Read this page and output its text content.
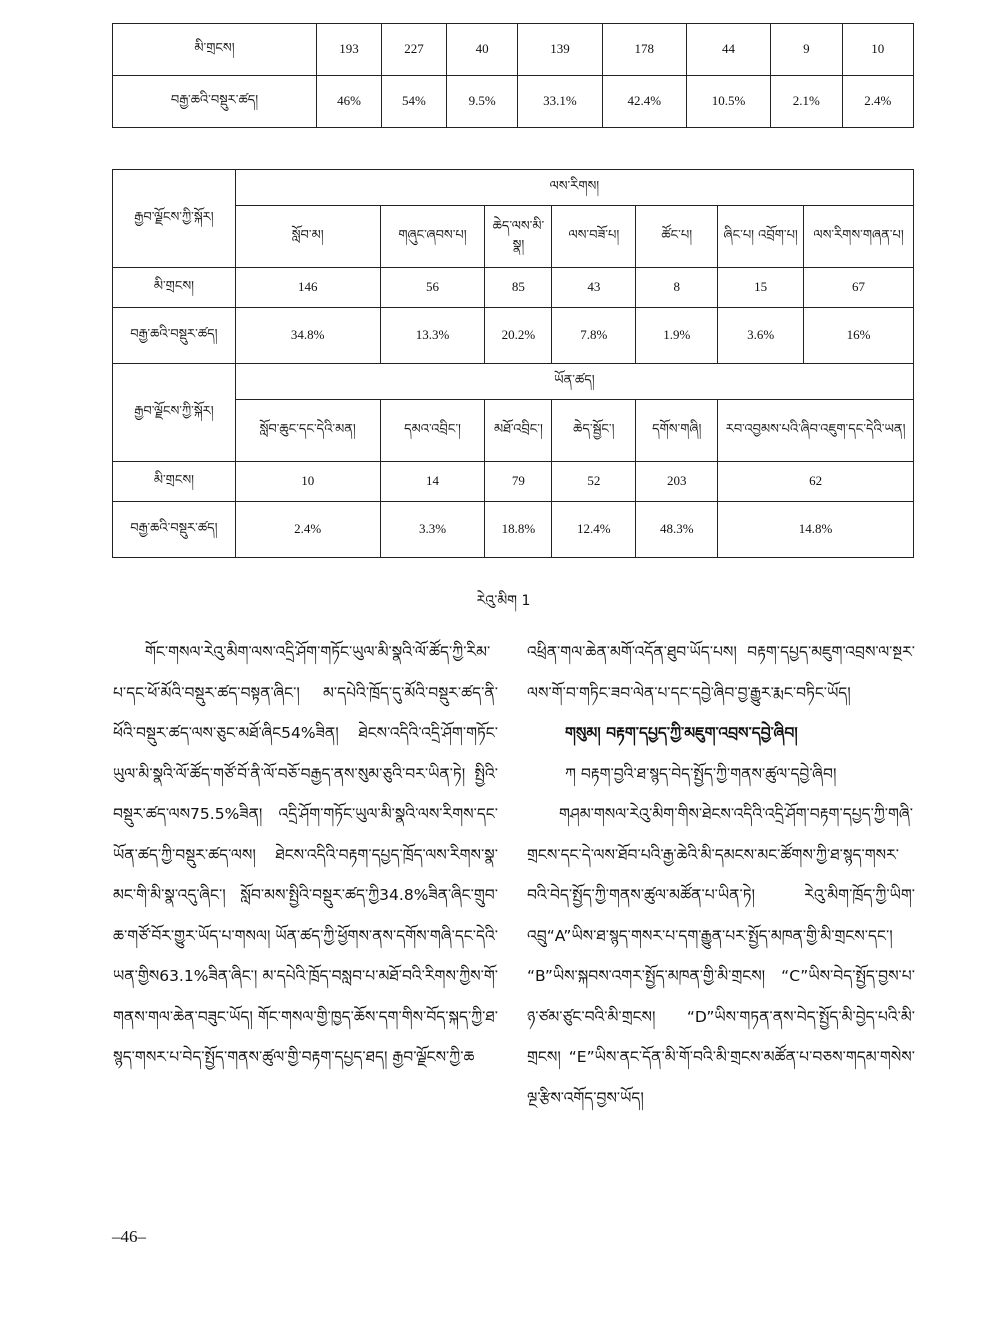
མི་གྲངས།	193	227	40	139	178	44	9	10
བརྒྱ་ཆའི་བསྡུར་ཚད།	46%	54%	9.5%	33.1%	42.4%	10.5%	2.1%	2.4%
རྒྱབ་ལྗོངས་ཀྱི་སྐོར།	ལས་རིགས།						
	སློབ་མ།	གཞུང་ཞབས་པ།	ཆེད་ལས་མི་སྣ།	ལས་བཟོ་པ།	ཚོང་པ།	ཞིང་པ། འབྲོག་པ།	ལས་རིགས་གཞན་པ།
མི་གྲངས།	146	56	85	43	8	15	67
བརྒྱ་ཆའི་བསྡུར་ཚད།	34.8%	13.3%	20.2%	7.8%	1.9%	3.6%	16%
རྒྱབ་ལྗོངས་ཀྱི་སྐོར།	ཡོན་ཚད།						
	སློབ་ཆུང་དང་དེའི་མན།	དམའ་འབྲིང་།	མཐོ་འབྲིང་།	ཆེད་སྦྱོང་།	དགོས་གཞི།	རབ་འབྱམས་པའི་ཞིབ་འཇུག་དང་དེའི་ཡན།	
མི་གྲངས།	10	14	79	52	203	62	
བརྒྱ་ཆའི་བསྡུར་ཚད།	2.4%	3.3%	18.8%	12.4%	48.3%	14.8%	
རེའུ་མིག 1

གོང་གསལ་རེའུ་མིག་ལས་འདྲི་ཤོག་གཏོང་ཡུལ་མི་སྣའི་ལོ་ཚོད་ཀྱི་རིམ་པ་དང་ཕོ་མོའི་བསྡུར་ཚད་བསྟན་ཞིང་། མ་དཔེའི་ཁྲོད་དུ་མོའི་བསྡུར་ཚད་ནི་ཕོའི་བསྡུར་ཚད་ལས་ཅུང་མཐོ་ཞིང54%ཟིན། ཐེངས་འདིའི་འདྲི་ཤོག་གཏོང་ཡུལ་མི་སྣའི་ལོ་ཚོད་གཙོ་བོ་ནི་ལོ་བཅོ་བརྒྱད་ནས་སུམ་ཅུའི་བར་ཡིན་ཏེ། སྤྱིའི་བསྡུར་ཚད་ལས75.5%ཟིན། འདྲི་ཤོག་གཏོང་ཡུལ་མི་སྣའི་ལས་རིགས་དང་ཡོན་ཚད་ཀྱི་བསྡུར་ཚད་ལས། ཐེངས་འདིའི་བརྟག་དཔྱད་ཁྲོད་ལས་རིགས་སྣ་མང་གི་མི་སྣ་འདུ་ཞིང་། སློབ་མས་སྤྱིའི་བསྡུར་ཚད་ཀྱི34.8%ཟིན་ཞིང་གྲུབ་ཆ་གཙོ་བོར་གྱུར་ཡོད་པ་གསལ། ཡོན་ཚད་ཀྱི་ཕྱོགས་ནས་དགོས་གཞི་དང་དེའི་ཡན་གྱིས63.1%ཟིན་ཞིང་། མ་དཔེའི་ཁྲོད་བསླབ་པ་མཐོ་བའི་རིགས་ཀྱིས་གོ་གནས་གལ་ཆེན་བཟུང་ཡོད། གོང་གསལ་གྱི་ཁྱད་ཆོས་དག་གིས་བོད་སྐད་ཀྱི་ཐ་སྙད་གསར་པ་བེད་སྤྱོད་གནས་ཚུལ་གྱི་བརྟག་དཔྱད་ཐད། རྒྱབ་ལྗོངས་ཀྱི་ཆ

འཕྲིན་གལ་ཆེན་མགོ་འདོན་ཐུབ་ཡོད་པས། བརྟག་དཔྱད་མཇུག་འབྲས་ལ་སྔར་ལས་གོ་བ་གཏིང་ཟབ་ལེན་པ་དང་དབྱེ་ཞིབ་བྱ་རྒྱུར་རྨང་བཏིང་ཡོད།

གསུམ། བརྟག་དཔྱད་ཀྱི་མཇུག་འབྲས་དབྱེ་ཞིབ།

ཀ བརྟག་བྱའི་ཐ་སྙད་བེད་སྤྱོད་ཀྱི་གནས་ཚུལ་དབྱེ་ཞིབ།

གཤམ་གསལ་རེའུ་མིག་གིས་ཐེངས་འདིའི་འདྲི་ཤོག་བརྟག་དཔྱད་ཀྱི་གཞི་གྲངས་དང་དེ་ལས་ཐོབ་པའི་རྒྱ་ཆེའི་མི་དམངས་མང་ཚོགས་ཀྱི་ཐ་སྙད་གསར་བའི་བེད་སྤྱོད་ཀྱི་གནས་ཚུལ་མཚོན་པ་ཡིན་ཏེ། རེའུ་མིག་ཁྲོད་ཀྱི་ཡིག་འབྲུ“A”ཡིས་ཐ་སྙད་གསར་པ་དག་རྒྱུན་པར་སྤྱོད་མཁན་གྱི་མི་གྲངས་དང་། “B”ཡིས་སྐབས་འགར་སྤྱོད་མཁན་གྱི་མི་གྲངས། “C”ཡིས་བེད་སྤྱོད་བྱས་པ་ཉ་ཙམ་ཙུང་བའི་མི་གྲངས། “D”ཡིས་གཏན་ནས་བེད་སྤྱོད་མི་བྱེད་པའི་མི་གྲངས། “E”ཡིས་ནང་དོན་མི་གོ་བའི་མི་གྲངས་མཚོན་པ་བཅས་གདམ་གསེས་ལྔ་རྩིས་འགོད་བྱས་ཡོད།

–46–
